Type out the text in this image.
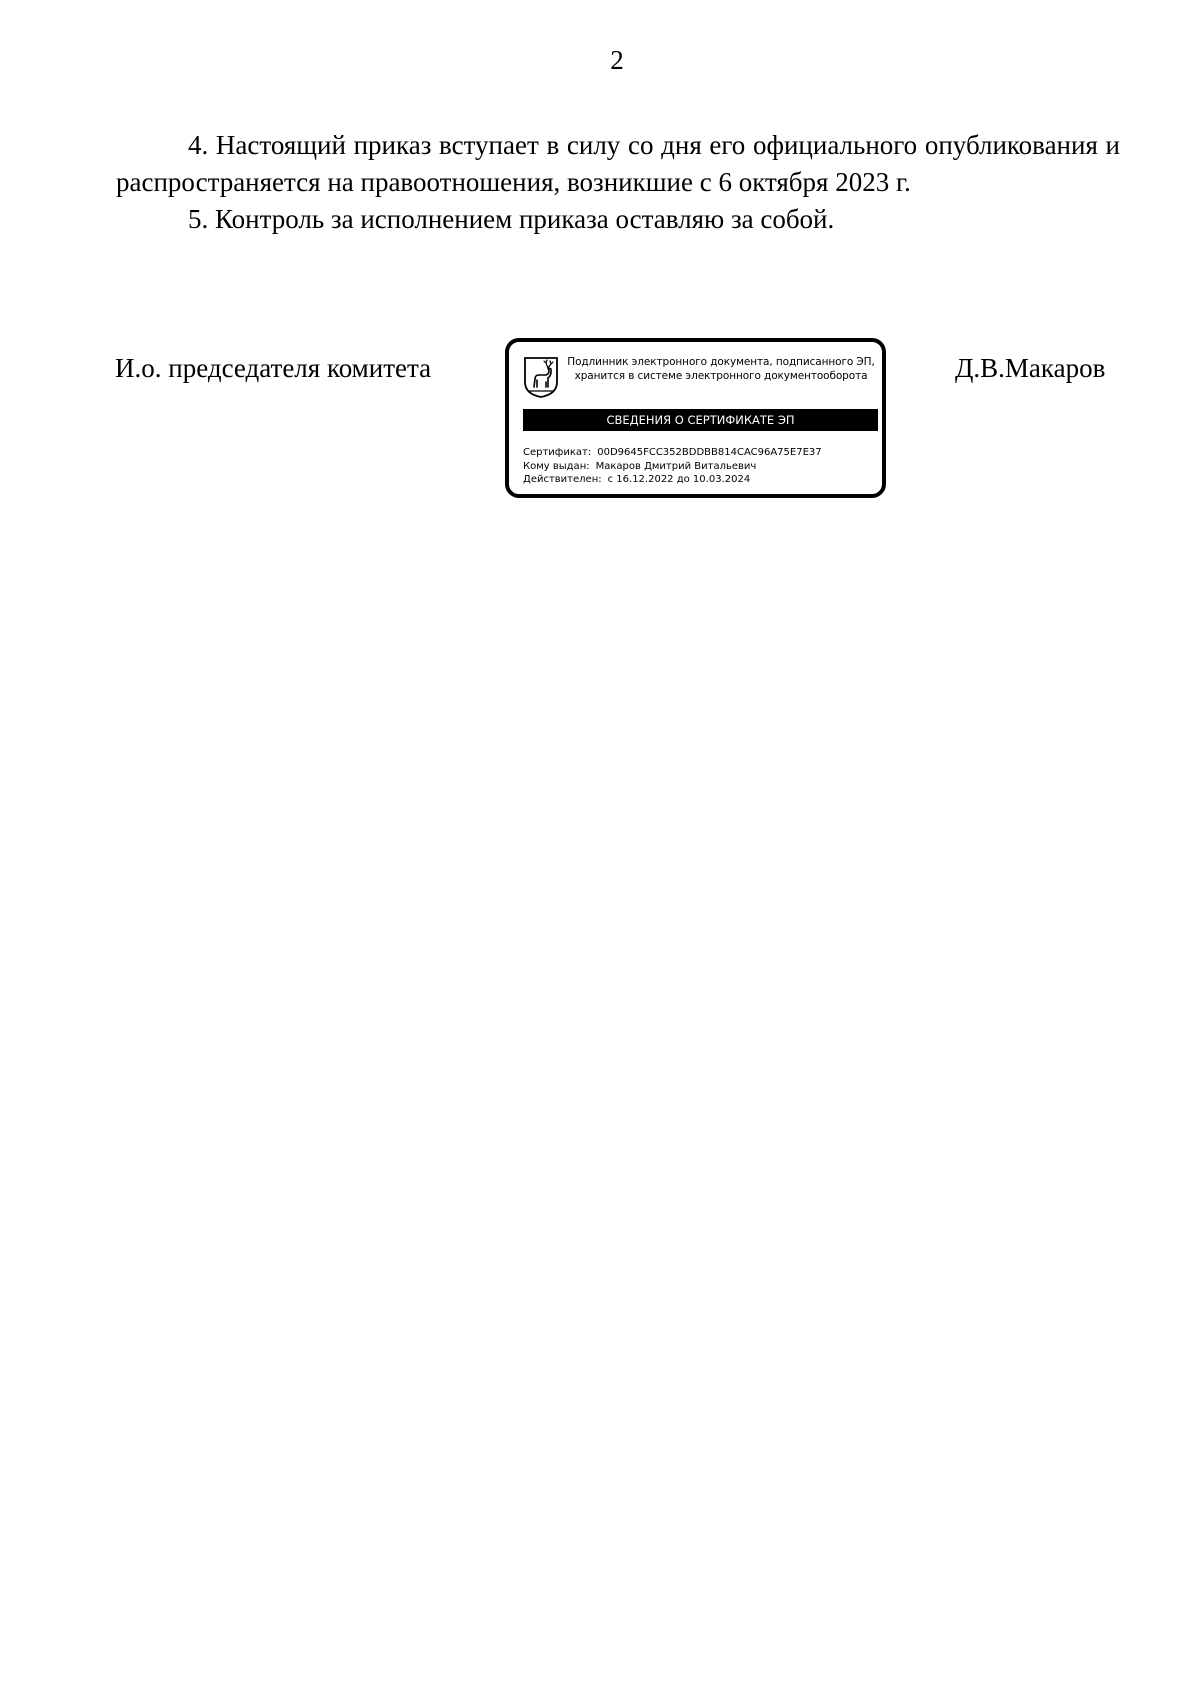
2

4. Настоящий приказ вступает в силу со дня его официального опубликования и распространяется на правоотношения, возникшие с 6 октября 2023 г.

5. Контроль за исполнением приказа оставляю за собой.

И.о. председателя комитета	Подлинник электронного документа, подписанного ЭП,
хранится в системе электронного документооборота
СВЕДЕНИЯ О СЕРТИФИКАТЕ ЭП
Сертификат: 00D9645FCC352BDDBB814CAC96A75E7E37
Кому выдан: Макаров Дмитрий Витальевич
Действителен: с 16.12.2022 до 10.03.2024
Д.В.Макаров
